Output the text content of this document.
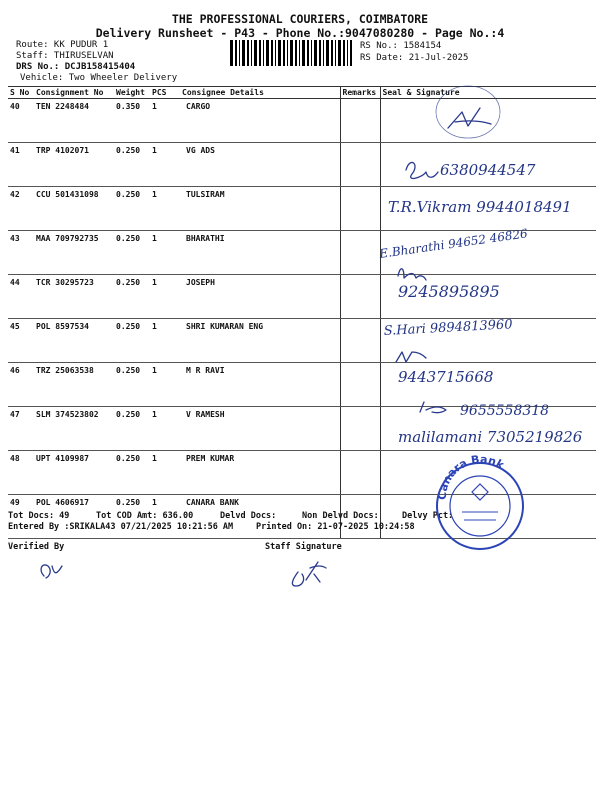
THE PROFESSIONAL COURIERS, COIMBATORE
Delivery Runsheet - P43 - Phone No.:9047080280 - Page No.:4
Route: KK PUDUR 1
Staff: THIRUSELVAN
DRS No.: DCJB158415404
Vehicle: Two Wheeler Delivery
RS No.: 1584154
RS Date: 21-Jul-2025
S No	Consignment No	Weight	PCS	Consignee Details	Remarks	Seal & Signature
40	TEN 2248484	0.350	1	CARGO		
41	TRP 4102071	0.250	1	VG ADS		
42	CCU 501431098	0.250	1	TULSIRAM		
43	MAA 709792735	0.250	1	BHARATHI		
44	TCR 30295723	0.250	1	JOSEPH		
45	POL 8597534	0.250	1	SHRI KUMARAN ENG		
46	TRZ 25063538	0.250	1	M R RAVI		
47	SLM 374523802	0.250	1	V RAMESH		
48	UPT 4109987	0.250	1	PREM KUMAR		
49	POL 4606917	0.250	1	CANARA BANK		
Tot Docs: 49	Tot COD Amt: 636.00	Delvd Docs:	Non Delvd Docs:	Delvy Pct:
Entered By :SRIKALA43 07/21/2025 10:21:56 AM	Printed On: 21-07-2025 10:24:58
Verified By	Staff Signature
6380944547
T.R.Vikram 9944018491
E.Bharathi 94652 46826
9245895895
S.Hari 9894813960
9443715668
9655558318
malilamani 7305219826
Canara Bank
